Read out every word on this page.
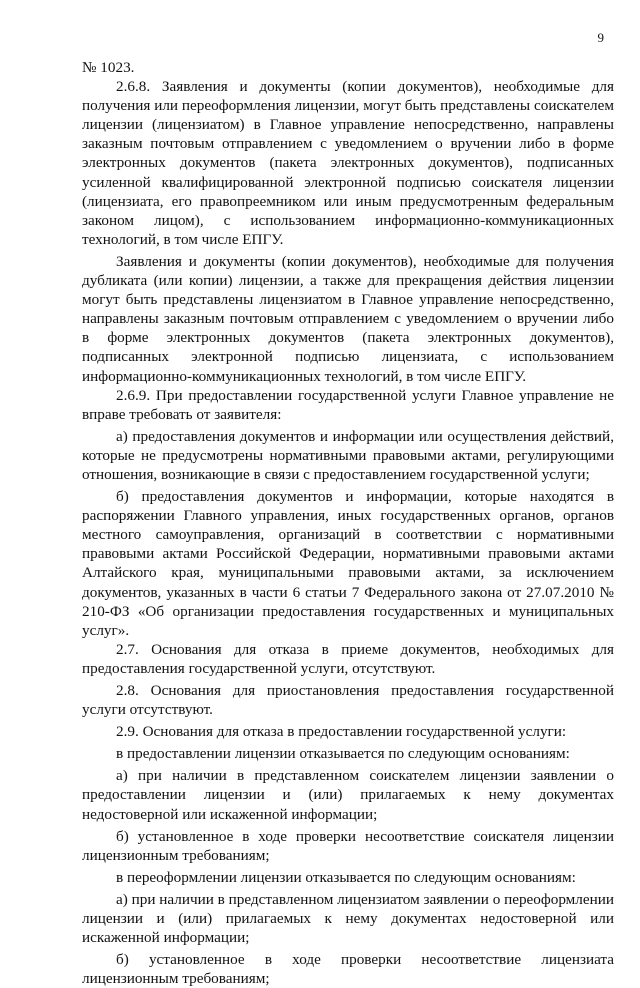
9

№ 1023.

2.6.8. Заявления и документы (копии документов), необходимые для получения или переоформления лицензии, могут быть представлены соискателем лицензии (лицензиатом) в Главное управление непосредственно, направлены заказным почтовым отправлением с уведомлением о вручении либо в форме электронных документов (пакета электронных документов), подписанных усиленной квалифицированной электронной подписью соискателя лицензии (лицензиата, его правопреемником или иным предусмотренным федеральным законом лицом), с использованием информационно-коммуникационных технологий, в том числе ЕПГУ.

Заявления и документы (копии документов), необходимые для получения дубликата (или копии) лицензии, а также для прекращения действия лицензии могут быть представлены лицензиатом в Главное управление непосредственно, направлены заказным почтовым отправлением с уведомлением о вручении либо в форме электронных документов (пакета электронных документов), подписанных электронной подписью лицензиата, с использованием информационно-коммуникационных технологий, в том числе ЕПГУ.

2.6.9. При предоставлении государственной услуги Главное управление не вправе требовать от заявителя:

а) предоставления документов и информации или осуществления действий, которые не предусмотрены нормативными правовыми актами, регулирующими отношения, возникающие в связи с предоставлением государственной услуги;

б) предоставления документов и информации, которые находятся в распоряжении Главного управления, иных государственных органов, органов местного самоуправления, организаций в соответствии с нормативными правовыми актами Российской Федерации, нормативными правовыми актами Алтайского края, муниципальными правовыми актами, за исключением документов, указанных в части 6 статьи 7 Федерального закона от 27.07.2010 № 210-ФЗ «Об организации предоставления государственных и муниципальных услуг».

2.7. Основания для отказа в приеме документов, необходимых для предоставления государственной услуги, отсутствуют.

2.8. Основания для приостановления предоставления государственной услуги отсутствуют.

2.9. Основания для отказа в предоставлении государственной услуги:

в предоставлении лицензии отказывается по следующим основаниям:

а) при наличии в представленном соискателем лицензии заявлении о предоставлении лицензии и (или) прилагаемых к нему документах недостоверной или искаженной информации;

б) установленное в ходе проверки несоответствие соискателя лицензии лицензионным требованиям;

в переоформлении лицензии отказывается по следующим основаниям:

а) при наличии в представленном лицензиатом заявлении о переоформлении лицензии и (или) прилагаемых к нему документах недостоверной или искаженной информации;

б) установленное в ходе проверки несоответствие лицензиата лицензионным требованиям;
